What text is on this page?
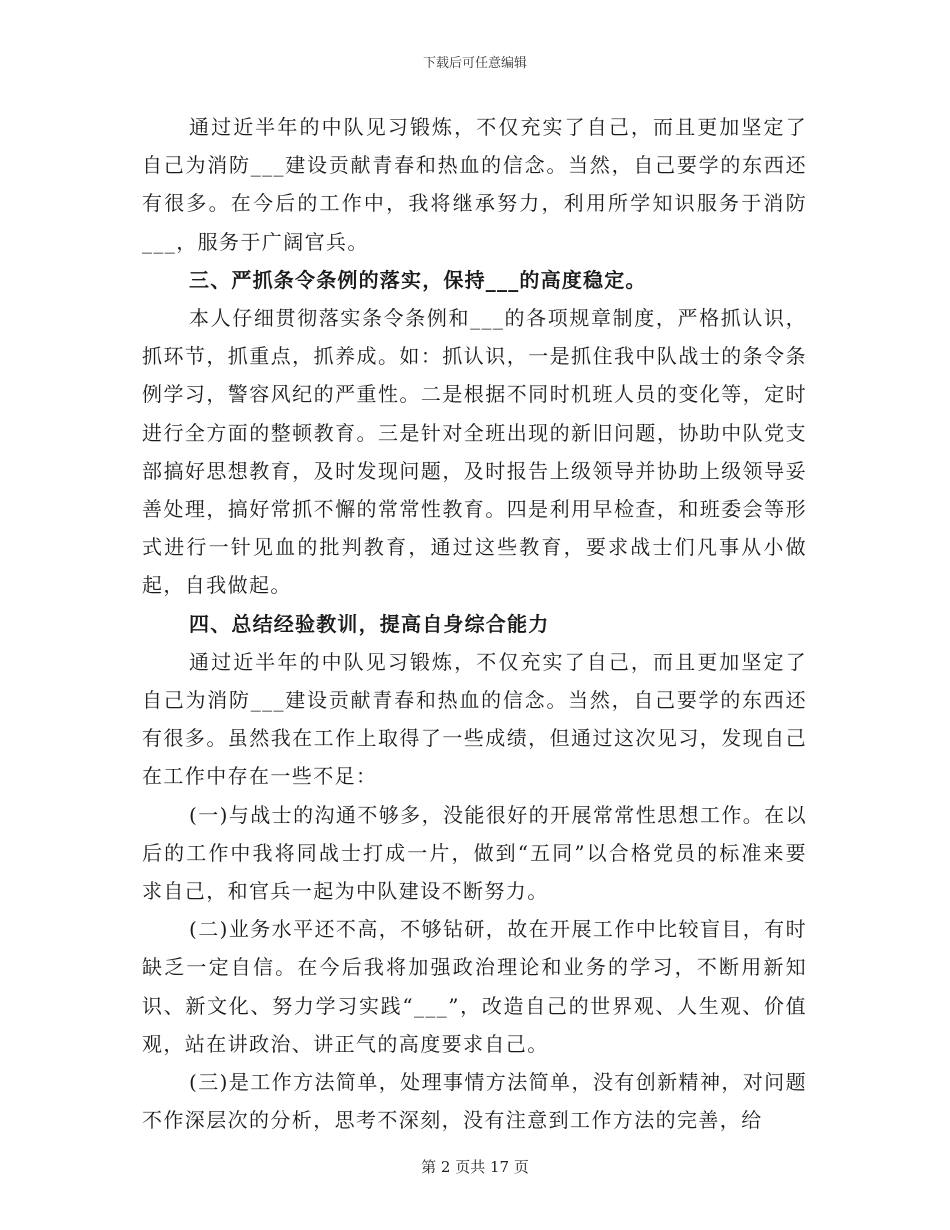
下载后可任意编辑

通过近半年的中队见习锻炼，不仅充实了自己，而且更加坚定了自己为消防___建设贡献青春和热血的信念。当然，自己要学的东西还有很多。在今后的工作中，我将继承努力，利用所学知识服务于消防___，服务于广阔官兵。

三、严抓条令条例的落实，保持___的高度稳定。

本人仔细贯彻落实条令条例和___的各项规章制度，严格抓认识，抓环节，抓重点，抓养成。如：抓认识，一是抓住我中队战士的条令条例学习，警容风纪的严重性。二是根据不同时机班人员的变化等，定时进行全方面的整顿教育。三是针对全班出现的新旧问题，协助中队党支部搞好思想教育，及时发现问题，及时报告上级领导并协助上级领导妥善处理，搞好常抓不懈的常常性教育。四是利用早检查，和班委会等形式进行一针见血的批判教育，通过这些教育，要求战士们凡事从小做起，自我做起。

四、总结经验教训，提高自身综合能力

通过近半年的中队见习锻炼，不仅充实了自己，而且更加坚定了自己为消防___建设贡献青春和热血的信念。当然，自己要学的东西还有很多。虽然我在工作上取得了一些成绩，但通过这次见习，发现自己在工作中存在一些不足：

(一)与战士的沟通不够多，没能很好的开展常常性思想工作。在以后的工作中我将同战士打成一片，做到“五同”以合格党员的标准来要求自己，和官兵一起为中队建设不断努力。

(二)业务水平还不高，不够钻研，故在开展工作中比较盲目，有时缺乏一定自信。在今后我将加强政治理论和业务的学习，不断用新知识、新文化、努力学习实践“___”，改造自己的世界观、人生观、价值观，站在讲政治、讲正气的高度要求自己。

(三)是工作方法简单，处理事情方法简单，没有创新精神，对问题不作深层次的分析，思考不深刻，没有注意到工作方法的完善，给

第 2 页共 17 页
